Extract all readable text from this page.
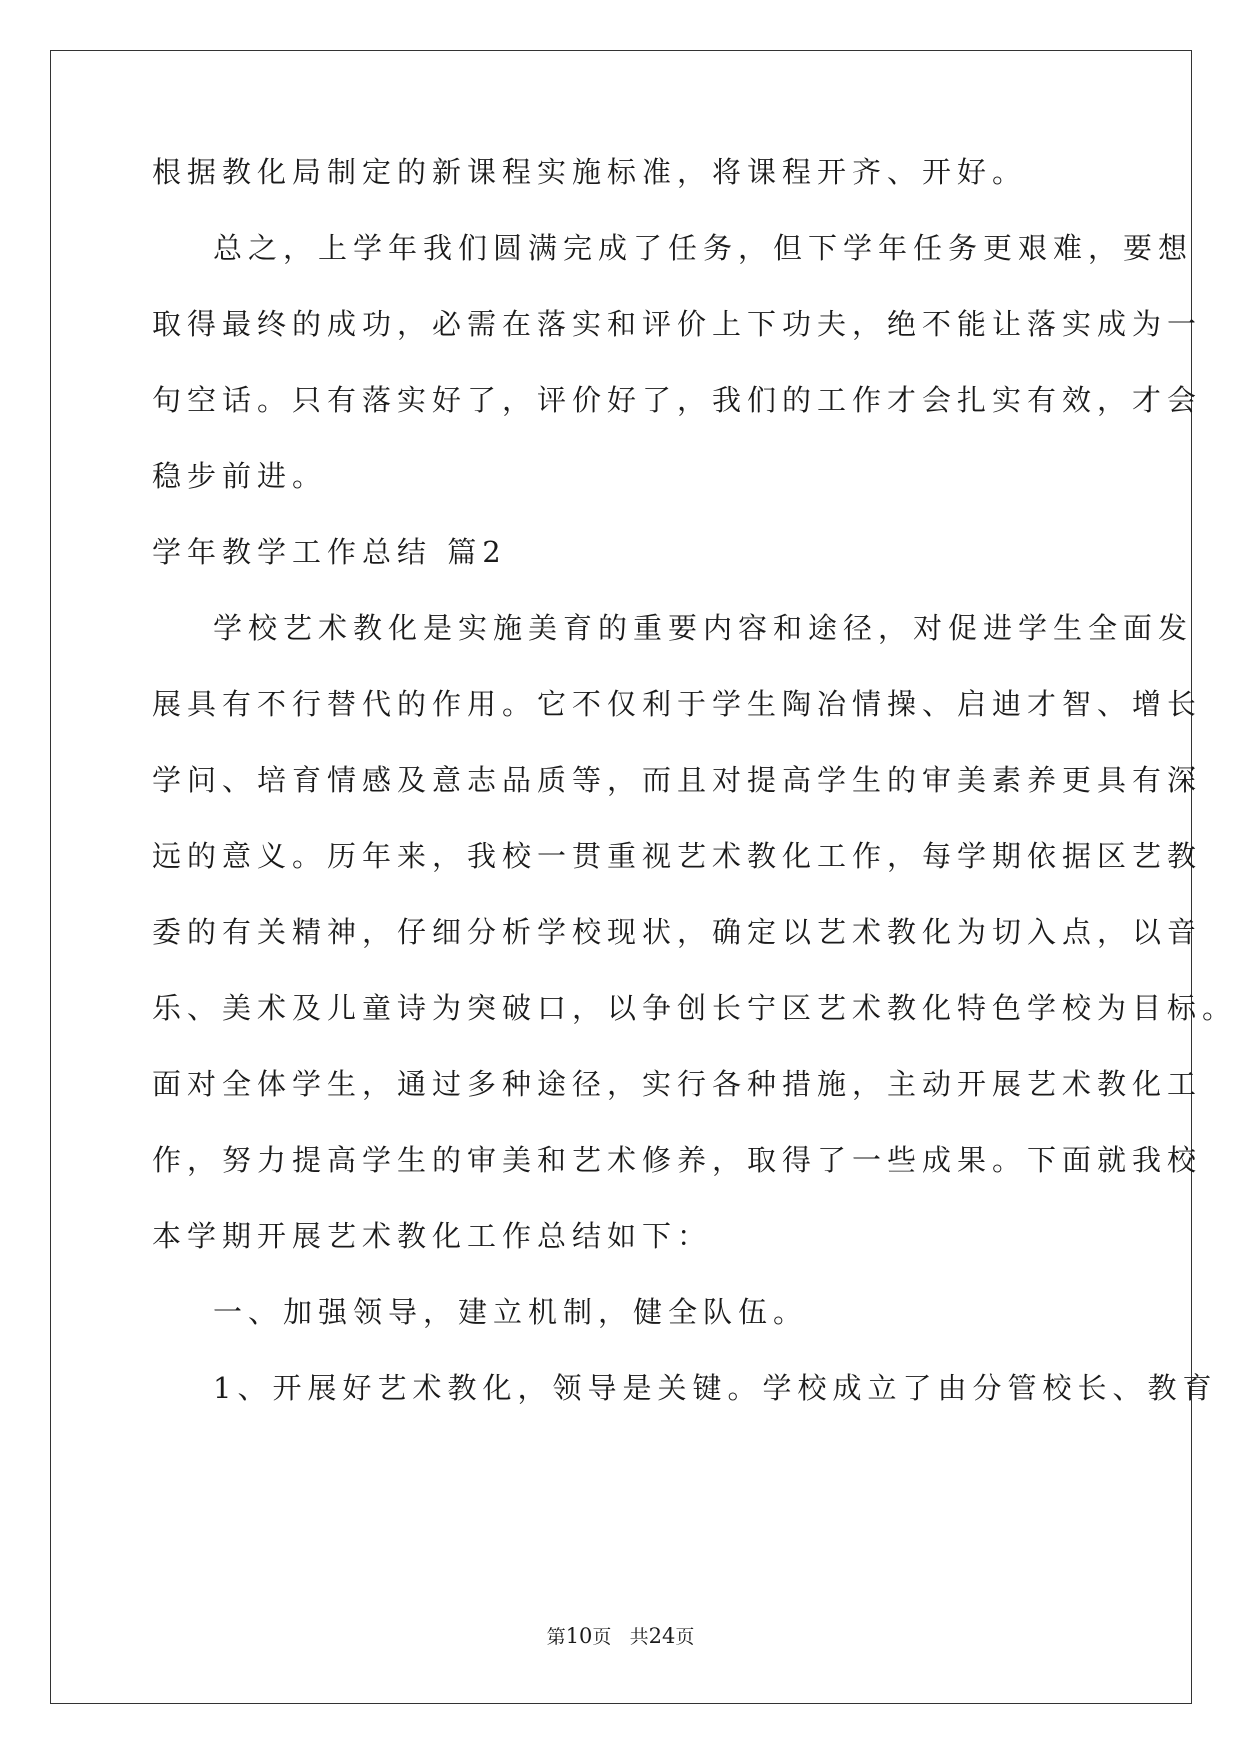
根据教化局制定的新课程实施标准，将课程开齐、开好。
总之，上学年我们圆满完成了任务，但下学年任务更艰难，要想
取得最终的成功，必需在落实和评价上下功夫，绝不能让落实成为一
句空话。只有落实好了，评价好了，我们的工作才会扎实有效，才会
稳步前进。
学年教学工作总结 篇2
学校艺术教化是实施美育的重要内容和途径，对促进学生全面发
展具有不行替代的作用。它不仅利于学生陶冶情操、启迪才智、增长
学问、培育情感及意志品质等，而且对提高学生的审美素养更具有深
远的意义。历年来，我校一贯重视艺术教化工作，每学期依据区艺教
委的有关精神，仔细分析学校现状，确定以艺术教化为切入点，以音
乐、美术及儿童诗为突破口，以争创长宁区艺术教化特色学校为目标。
面对全体学生，通过多种途径，实行各种措施，主动开展艺术教化工
作，努力提高学生的审美和艺术修养，取得了一些成果。下面就我校
本学期开展艺术教化工作总结如下：
一、加强领导，建立机制，健全队伍。
1、开展好艺术教化，领导是关键。学校成立了由分管校长、教育
第10页 共24页
